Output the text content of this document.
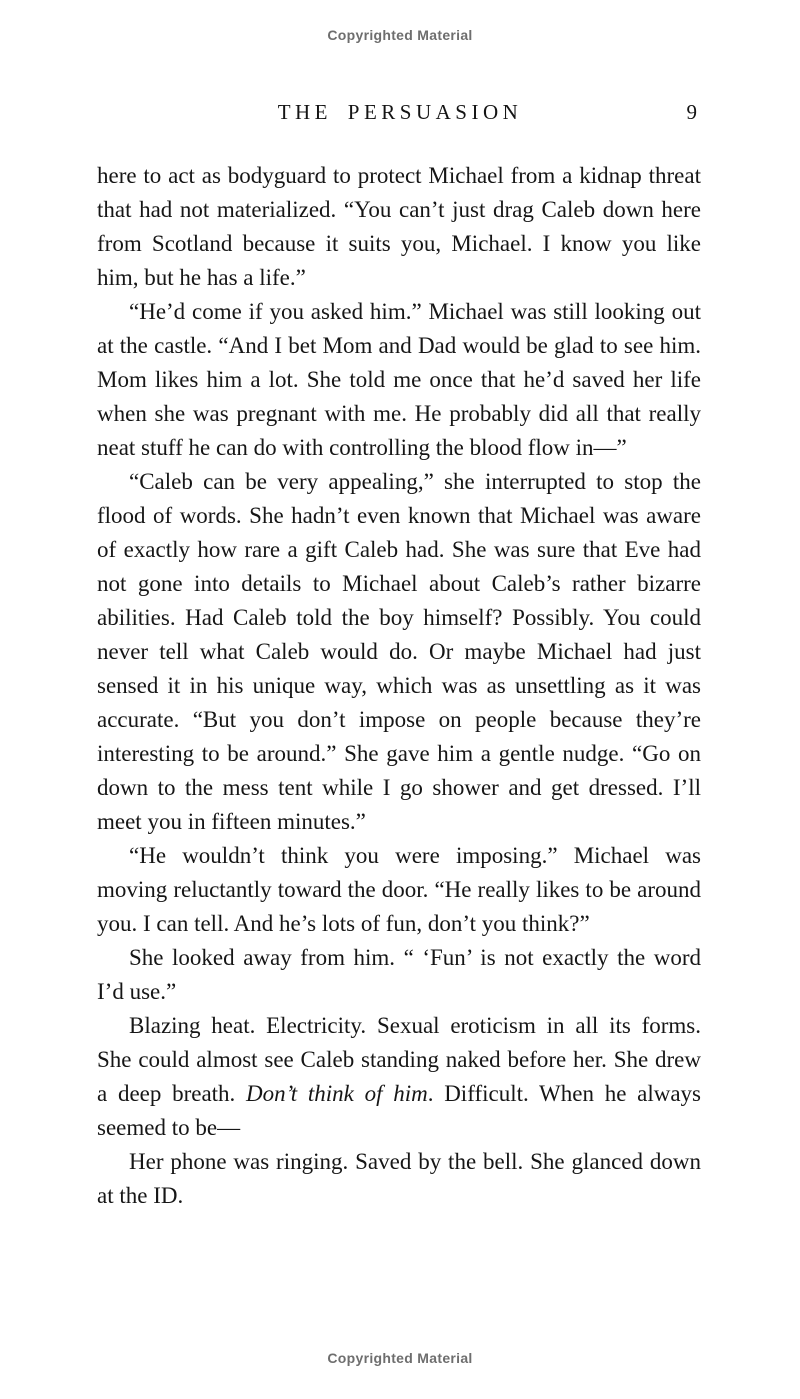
Copyrighted Material
THE PERSUASION	9

here to act as bodyguard to protect Michael from a kidnap threat that had not materialized. “You can’t just drag Caleb down here from Scotland because it suits you, Michael. I know you like him, but he has a life.”

“He’d come if you asked him.” Michael was still looking out at the castle. “And I bet Mom and Dad would be glad to see him. Mom likes him a lot. She told me once that he’d saved her life when she was pregnant with me. He probably did all that really neat stuff he can do with controlling the blood flow in—”

“Caleb can be very appealing,” she interrupted to stop the flood of words. She hadn’t even known that Michael was aware of exactly how rare a gift Caleb had. She was sure that Eve had not gone into details to Michael about Caleb’s rather bizarre abilities. Had Caleb told the boy himself? Possibly. You could never tell what Caleb would do. Or maybe Michael had just sensed it in his unique way, which was as unsettling as it was accurate. “But you don’t impose on people because they’re interesting to be around.” She gave him a gentle nudge. “Go on down to the mess tent while I go shower and get dressed. I’ll meet you in fifteen minutes.”

“He wouldn’t think you were imposing.” Michael was moving reluctantly toward the door. “He really likes to be around you. I can tell. And he’s lots of fun, don’t you think?”

She looked away from him. “ ‘Fun’ is not exactly the word I’d use.”

Blazing heat. Electricity. Sexual eroticism in all its forms. She could almost see Caleb standing naked before her. She drew a deep breath. Don’t think of him. Difficult. When he always seemed to be—

Her phone was ringing. Saved by the bell. She glanced down at the ID.

Copyrighted Material
